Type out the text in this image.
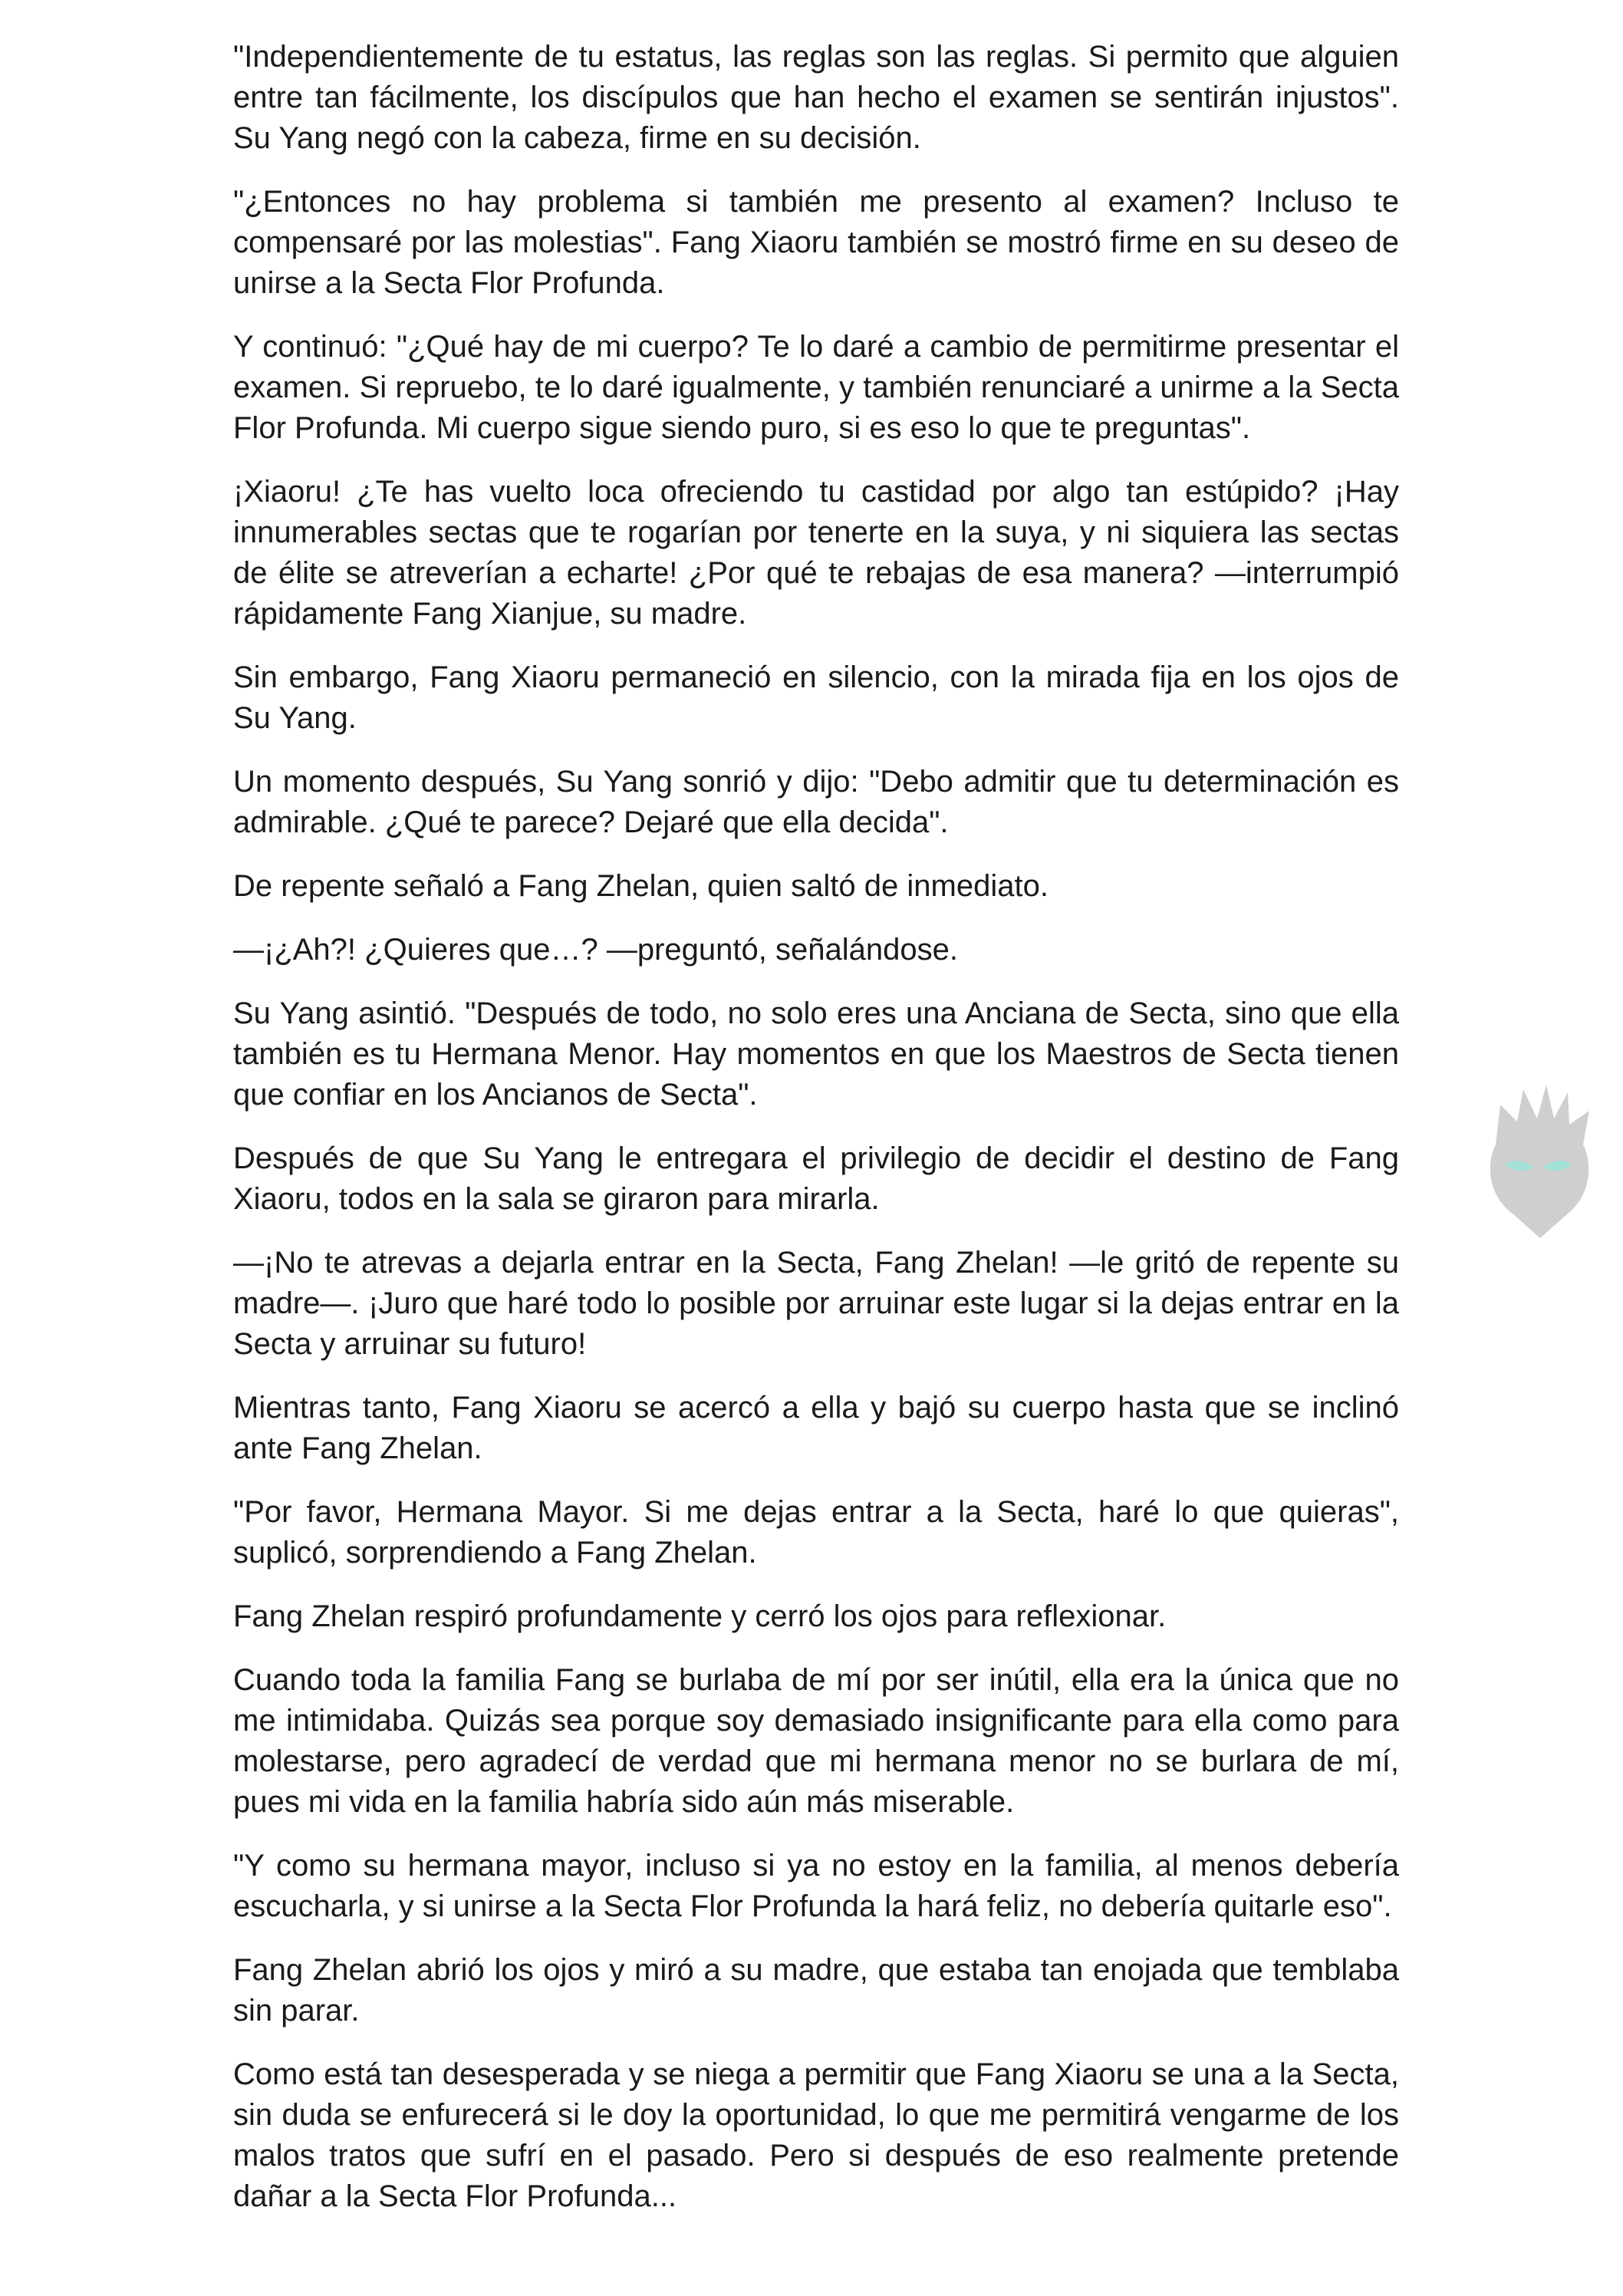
"Independientemente de tu estatus, las reglas son las reglas. Si permito que alguien entre tan fácilmente, los discípulos que han hecho el examen se sentirán injustos". Su Yang negó con la cabeza, firme en su decisión.

"¿Entonces no hay problema si también me presento al examen? Incluso te compensaré por las molestias". Fang Xiaoru también se mostró firme en su deseo de unirse a la Secta Flor Profunda.

Y continuó: "¿Qué hay de mi cuerpo? Te lo daré a cambio de permitirme presentar el examen. Si repruebo, te lo daré igualmente, y también renunciaré a unirme a la Secta Flor Profunda. Mi cuerpo sigue siendo puro, si es eso lo que te preguntas".

¡Xiaoru! ¿Te has vuelto loca ofreciendo tu castidad por algo tan estúpido? ¡Hay innumerables sectas que te rogarían por tenerte en la suya, y ni siquiera las sectas de élite se atreverían a echarte! ¿Por qué te rebajas de esa manera? —interrumpió rápidamente Fang Xianjue, su madre.

Sin embargo, Fang Xiaoru permaneció en silencio, con la mirada fija en los ojos de Su Yang.

Un momento después, Su Yang sonrió y dijo: "Debo admitir que tu determinación es admirable. ¿Qué te parece? Dejaré que ella decida".

De repente señaló a Fang Zhelan, quien saltó de inmediato.

—¡¿Ah?! ¿Quieres que…? —preguntó, señalándose.

Su Yang asintió. "Después de todo, no solo eres una Anciana de Secta, sino que ella también es tu Hermana Menor. Hay momentos en que los Maestros de Secta tienen que confiar en los Ancianos de Secta".

Después de que Su Yang le entregara el privilegio de decidir el destino de Fang Xiaoru, todos en la sala se giraron para mirarla.

—¡No te atrevas a dejarla entrar en la Secta, Fang Zhelan! —le gritó de repente su madre—. ¡Juro que haré todo lo posible por arruinar este lugar si la dejas entrar en la Secta y arruinar su futuro!

Mientras tanto, Fang Xiaoru se acercó a ella y bajó su cuerpo hasta que se inclinó ante Fang Zhelan.

"Por favor, Hermana Mayor. Si me dejas entrar a la Secta, haré lo que quieras", suplicó, sorprendiendo a Fang Zhelan.

Fang Zhelan respiró profundamente y cerró los ojos para reflexionar.

Cuando toda la familia Fang se burlaba de mí por ser inútil, ella era la única que no me intimidaba. Quizás sea porque soy demasiado insignificante para ella como para molestarse, pero agradecí de verdad que mi hermana menor no se burlara de mí, pues mi vida en la familia habría sido aún más miserable.

"Y como su hermana mayor, incluso si ya no estoy en la familia, al menos debería escucharla, y si unirse a la Secta Flor Profunda la hará feliz, no debería quitarle eso".

Fang Zhelan abrió los ojos y miró a su madre, que estaba tan enojada que temblaba sin parar.

Como está tan desesperada y se niega a permitir que Fang Xiaoru se una a la Secta, sin duda se enfurecerá si le doy la oportunidad, lo que me permitirá vengarme de los malos tratos que sufrí en el pasado. Pero si después de eso realmente pretende dañar a la Secta Flor Profunda...
